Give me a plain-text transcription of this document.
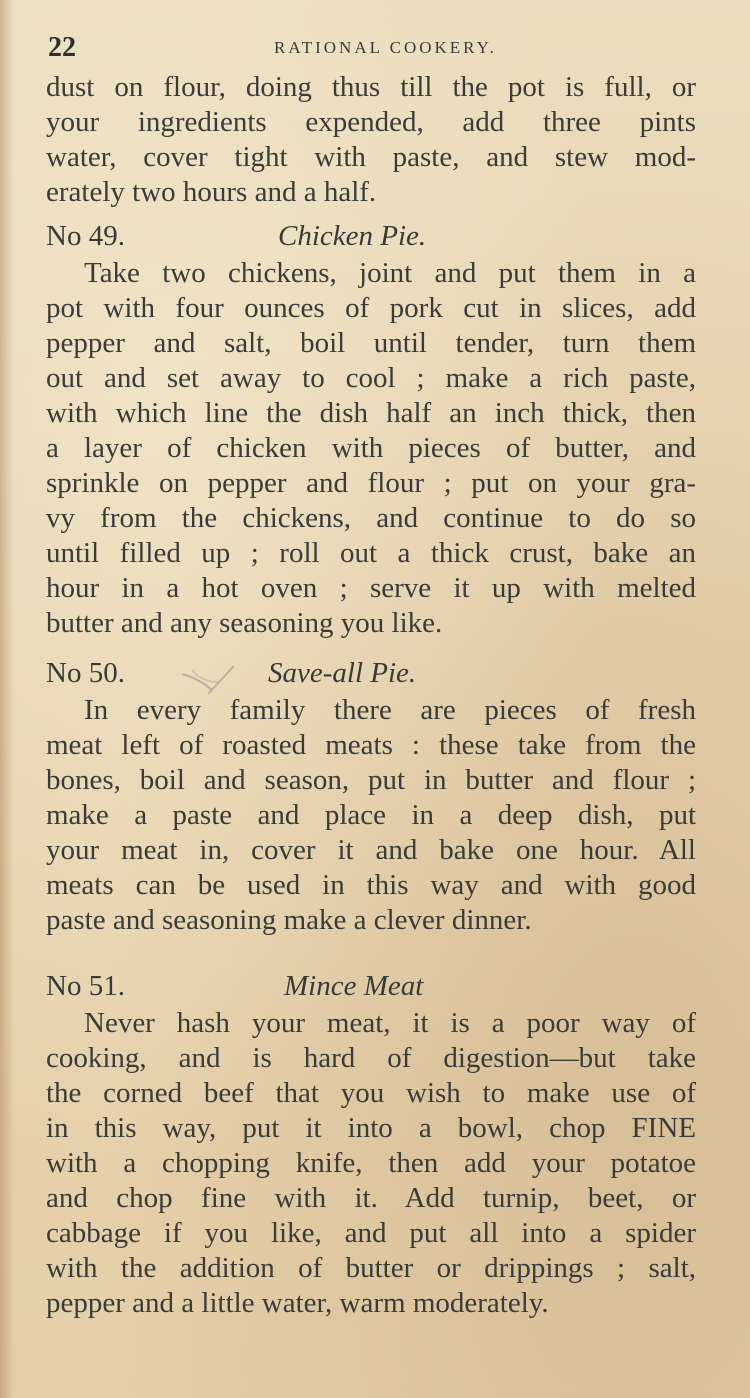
22	RATIONAL COOKERY.
dust on flour, doing thus till the pot is full, or
your ingredients expended, add three pints
water, cover tight with paste, and stew mod-
erately two hours and a half.
No 49.	Chicken Pie.
Take two chickens, joint and put them in a
pot with four ounces of pork cut in slices, add
pepper and salt, boil until tender, turn them
out and set away to cool ; make a rich paste,
with which line the dish half an inch thick, then
a layer of chicken with pieces of butter, and
sprinkle on pepper and flour ; put on your gra-
vy from the chickens, and continue to do so
until filled up ; roll out a thick crust, bake an
hour in a hot oven ; serve it up with melted
butter and any seasoning you like.
No 50.	Save-all Pie.
In every family there are pieces of fresh
meat left of roasted meats : these take from the
bones, boil and season, put in butter and flour ;
make a paste and place in a deep dish, put
your meat in, cover it and bake one hour. All
meats can be used in this way and with good
paste and seasoning make a clever dinner.
No 51.	Mince Meat
Never hash your meat, it is a poor way of
cooking, and is hard of digestion—but take
the corned beef that you wish to make use of
in this way, put it into a bowl, chop FINE
with a chopping knife, then add your potatoe
and chop fine with it. Add turnip, beet, or
cabbage if you like, and put all into a spider
with the addition of butter or drippings ; salt,
pepper and a little water, warm moderately.
